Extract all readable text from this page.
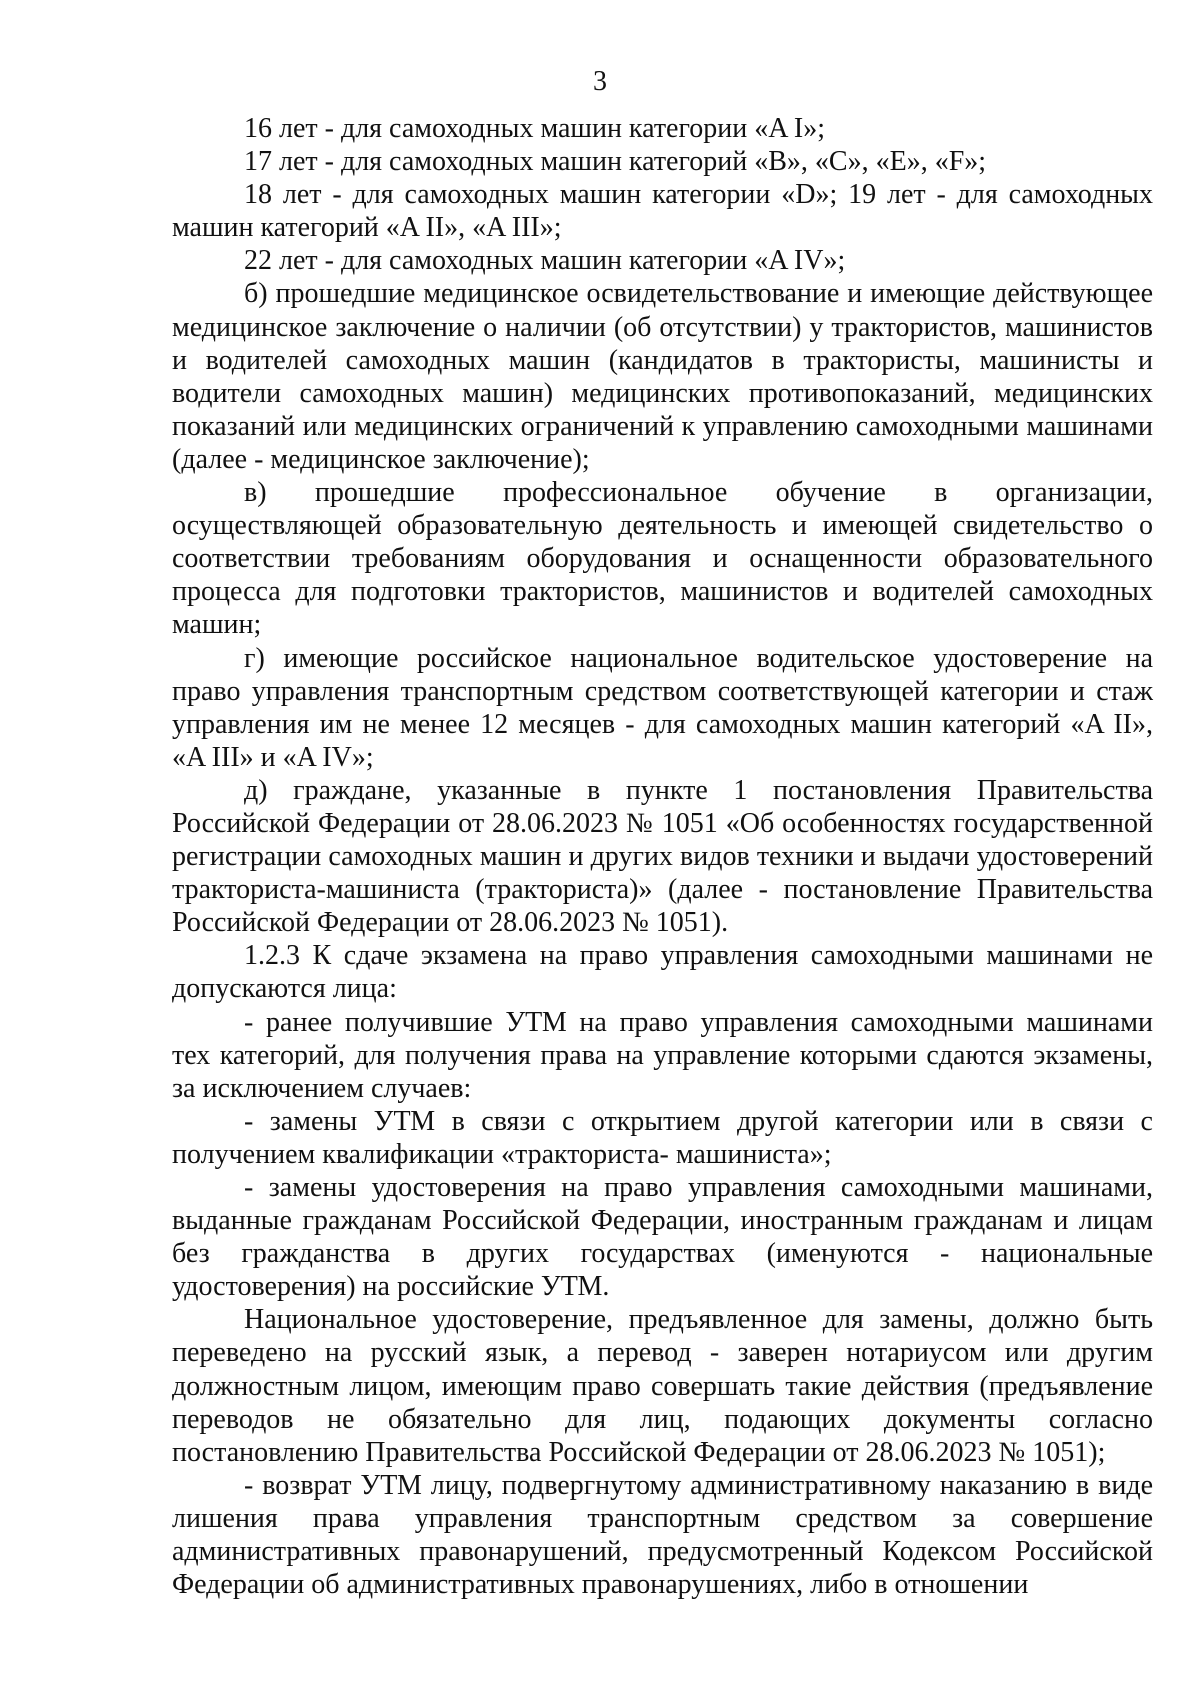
3

16 лет - для самоходных машин категории «A I»;

17 лет - для самоходных машин категорий «B», «C», «E», «F»;

18 лет - для самоходных машин категории «D»; 19 лет - для самоходных машин категорий «A II», «A III»;

22 лет - для самоходных машин категории «A IV»;

б) прошедшие медицинское освидетельствование и имеющие действующее медицинское заключение о наличии (об отсутствии) у трактористов, машинистов и водителей самоходных машин (кандидатов в трактористы, машинисты и водители самоходных машин) медицинских противопоказаний, медицинских показаний или медицинских ограничений к управлению самоходными машинами (далее - медицинское заключение);

в) прошедшие профессиональное обучение в организации, осуществляющей образовательную деятельность и имеющей свидетельство о соответствии требованиям оборудования и оснащенности образовательного процесса для подготовки трактористов, машинистов и водителей самоходных машин;

г) имеющие российское национальное водительское удостоверение на право управления транспортным средством соответствующей категории и стаж управления им не менее 12 месяцев - для самоходных машин категорий «A II», «A III» и «A IV»;

д) граждане, указанные в пункте 1 постановления Правительства Российской Федерации от 28.06.2023 № 1051 «Об особенностях государственной регистрации самоходных машин и других видов техники и выдачи удостоверений тракториста-машиниста (тракториста)» (далее - постановление Правительства Российской Федерации от 28.06.2023 № 1051).

1.2.3 К сдаче экзамена на право управления самоходными машинами не допускаются лица:

- ранее получившие УТМ на право управления самоходными машинами тех категорий, для получения права на управление которыми сдаются экзамены, за исключением случаев:

- замены УТМ в связи с открытием другой категории или в связи с получением квалификации «тракториста- машиниста»;

- замены удостоверения на право управления самоходными машинами, выданные гражданам Российской Федерации, иностранным гражданам и лицам без гражданства в других государствах (именуются - национальные удостоверения) на российские УТМ.

Национальное удостоверение, предъявленное для замены, должно быть переведено на русский язык, а перевод - заверен нотариусом или другим должностным лицом, имеющим право совершать такие действия (предъявление переводов не обязательно для лиц, подающих документы согласно постановлению Правительства Российской Федерации от 28.06.2023 № 1051);

- возврат УТМ лицу, подвергнутому административному наказанию в виде лишения права управления транспортным средством за совершение административных правонарушений, предусмотренный Кодексом Российской Федерации об административных правонарушениях, либо в отношении
